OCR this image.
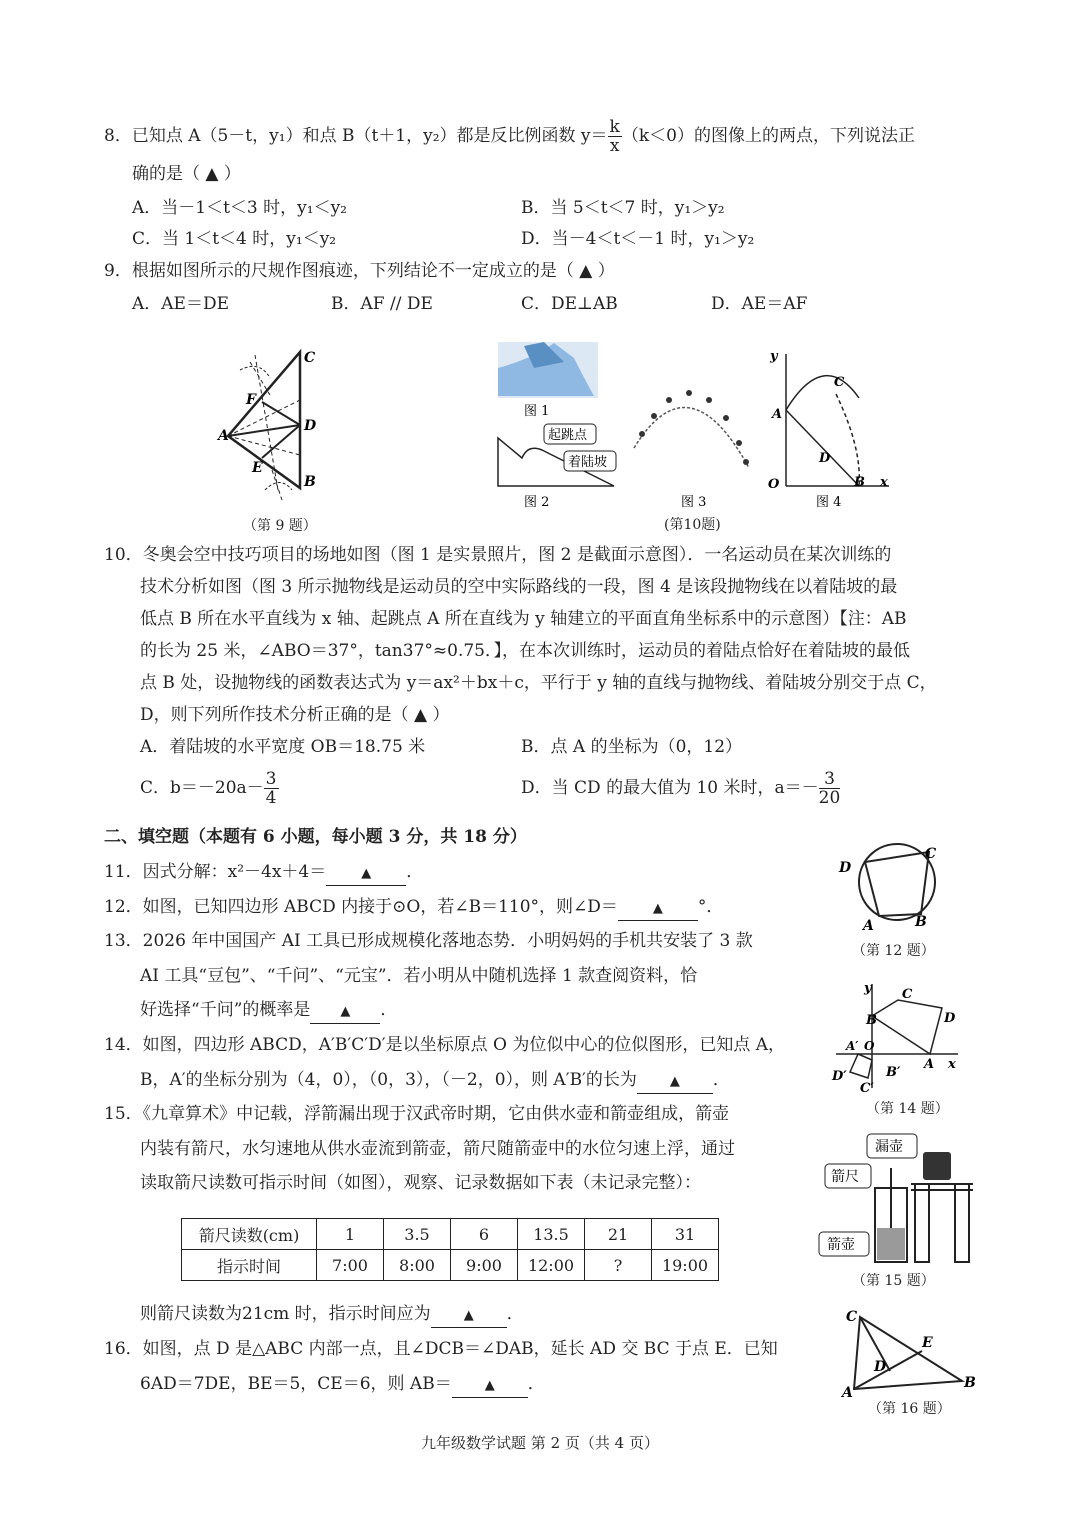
8．已知点 A（5－t，y₁）和点 B（t＋1，y₂）都是反比例函数 $y= \frac{k}{x} (k<0)$的图像上的两点，下列说法正
确的是（ ▲ ）
A．当－1＜t＜3 时，y₁＜y₂	B．当 5＜t＜7 时，y₁＞y₂
C．当 1＜t＜4 时，y₁＜y₂	D．当－4＜t＜－1 时，y₁＞y₂
9．根据如图所示的尺规作图痕迹，下列结论不一定成立的是（ ▲ ）
A．AE＝DE	B．AF // DE	C．DE⊥AB	D．AE＝AF
C
F
A
D
E
B
（第 9 题）
图 1
起跳点
着陆坡
图 2	图 3
y
C
A
D
O	B x
图 4
(第10题)
10．冬奥会空中技巧项目的场地如图（图 1 是实景照片，图 2 是截面示意图）．一名运动员在某次训练的
技术分析如图（图 3 所示抛物线是运动员的空中实际路线的一段，图 4 是该段抛物线在以着陆坡的最
低点 B 所在水平直线为 x 轴、起跳点 A 所在直线为 y 轴建立的平面直角坐标系中的示意图）【注：AB
的长为 25 米，∠ABO＝37°，tan37°≈0.75．】，在本次训练时，运动员的着陆点恰好在着陆坡的最低
点 B 处，设抛物线的函数表达式为 y＝ax²＋bx＋c，平行于 y 轴的直线与抛物线、着陆坡分别交于点 C，
D，则下列所作技术分析正确的是（ ▲ ）
A．着陆坡的水平宽度 OB＝18.75 米	B．点 A 的坐标为（0，12）
C．$b=-20a- \frac{3}{4}$	D．当 CD 的最大值为 10 米时，$a=- \frac{3}{20}$
二、填空题（本题有 6 小题，每小题 3 分，共 18 分）
11．因式分解：x²－4x＋4＝	▲ ．
12．如图，已知四边形 ABCD 内接于⊙O，若∠B＝110°，则∠D＝	▲ °．
D
C
A	B
（第 12 题）
13．2026 年中国国产 AI 工具已形成规模化落地态势．小明妈妈的手机共安装了 3 款
AI 工具“豆包”、“千问”、“元宝”．若小明从中随机选择 1 款查阅资料，恰
好选择“千问”的概率是 ▲ ．
14．如图，四边形 ABCD，A′B′C′D′是以坐标原点 O 为位似中心的位似图形，已知点 A，
B，A′的坐标分别为（4，0），（0，3），（－2，0），则 A′B′的长为	▲ ．
y C
B	D
A′ O
A x
D′	B′
C′
（第 14 题）
15．《九章算术》中记载，浮箭漏出现于汉武帝时期，它由供水壶和箭壶组成，箭壶
内装有箭尺，水匀速地从供水壶流到箭壶，箭尺随箭壶中的水位匀速上浮，通过
读取箭尺读数可指示时间（如图），观察、记录数据如下表（未记录完整）：
箭尺读数(cm)	1	3.5	6	13.5	21	31
指示时间	7:00	8:00	9:00	12:00	?	19:00
则箭尺读数为21cm 时，指示时间应为	▲ ．
漏壶
箭尺
箭壶
（第 15 题）
16．如图，点 D 是△ABC 内部一点，且∠DCB＝∠DAB，延长 AD 交 BC 于点 E．已知
6AD＝7DE，BE＝5，CE＝6，则 AB＝	▲ ．
C
E
D
A
B
（第 16 题）
九年级数学试题 第 2 页（共 4 页）
